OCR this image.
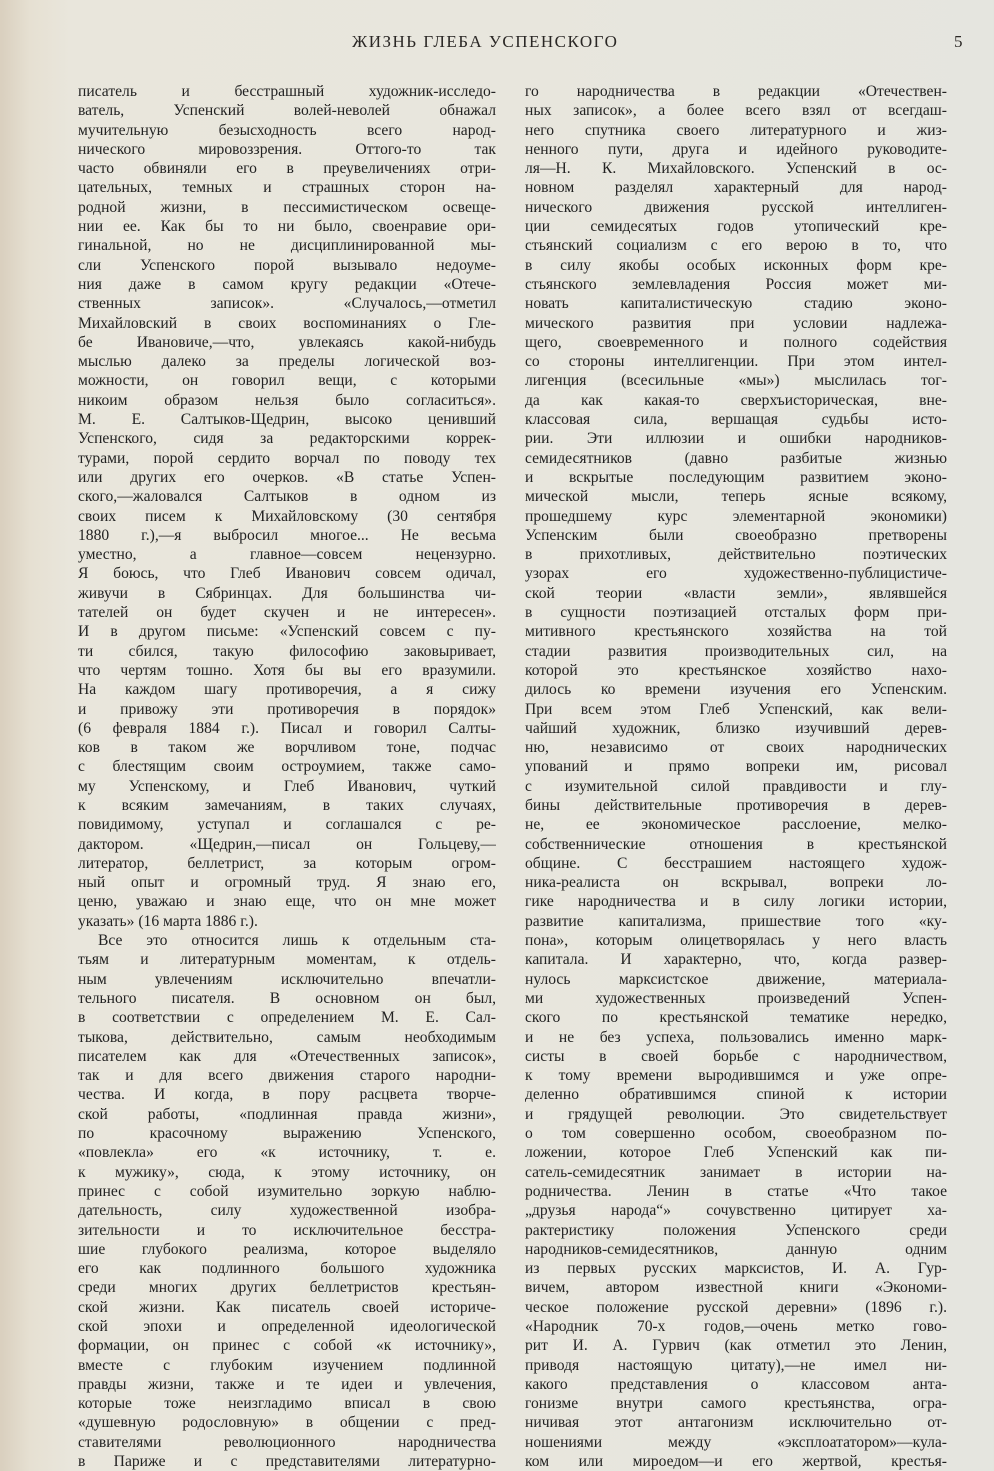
ЖИЗНЬ ГЛЕБА УСПЕНСКОГО	5
писатель и бесстрашный художник-исследо-
ватель, Успенский волей-неволей обнажал
мучительную безысходность всего народ-
нического мировоззрения. Оттого-то так
часто обвиняли его в преувеличениях отри-
цательных, темных и страшных сторон на-
родной жизни, в пессимистическом освеще-
нии ее. Как бы то ни было, своенравие ори-
гинальной, но не дисциплинированной мы-
сли Успенского порой вызывало недоуме-
ния даже в самом кругу редакции «Отече-
ственных записок». «Случалось,—отметил
Михайловский в своих воспоминаниях о Гле-
бе Ивановиче,—что, увлекаясь какой-нибудь
мыслью далеко за пределы логической воз-
можности, он говорил вещи, с которыми
никоим образом нельзя было согласиться».
М. Е. Салтыков-Щедрин, высоко ценивший
Успенского, сидя за редакторскими коррек-
турами, порой сердито ворчал по поводу тех
или других его очерков. «В статье Успен-
ского,—жаловался Салтыков в одном из
своих писем к Михайловскому (30 сентября
1880 г.),—я выбросил многое... Не весьма
уместно, а главное—совсем нецензурно.
Я боюсь, что Глеб Иванович совсем одичал,
живучи в Сябринцах. Для большинства чи-
тателей он будет скучен и не интересен».
И в другом письме: «Успенский совсем с пу-
ти сбился, такую философию заковыривает,
что чертям тошно. Хотя бы вы его вразумили.
На каждом шагу противоречия, а я сижу
и привожу эти противоречия в порядок»
(6 февраля 1884 г.). Писал и говорил Салты-
ков в таком же ворчливом тоне, подчас
с блестящим своим остроумием, также само-
му Успенскому, и Глеб Иванович, чуткий
к всяким замечаниям, в таких случаях,
повидимому, уступал и соглашался с ре-
дактором. «Щедрин,—писал он Гольцеву,—
литератор, беллетрист, за которым огром-
ный опыт и огромный труд. Я знаю его,
ценю, уважаю и знаю еще, что он мне может
указать» (16 марта 1886 г.).
Все это относится лишь к отдельным ста-
тьям и литературным моментам, к отдель-
ным увлечениям исключительно впечатли-
тельного писателя. В основном он был,
в соответствии с определением М. Е. Сал-
тыкова, действительно, самым необходимым
писателем как для «Отечественных записок»,
так и для всего движения старого народни-
чества. И когда, в пору расцвета творче-
ской работы, «подлинная правда жизни»,
по красочному выражению Успенского,
«повлекла» его «к источнику, т. е.
к мужику», сюда, к этому источнику, он
принес с собой изумительно зоркую наблю-
дательность, силу художественной изобра-
зительности и то исключительное бесстра-
шие глубокого реализма, которое выделяло
его как подлинного большого художника
среди многих других беллетристов крестьян-
ской жизни. Как писатель своей историче-
ской эпохи и определенной идеологической
формации, он принес с собой «к источнику»,
вместе с глубоким изучением подлинной
правды жизни, также и те идеи и увлечения,
которые тоже неизгладимо вписал в свою
«душевную родословную» в общении с пред-
ставителями революционного народничества
в Париже и с представителями литературно-
го народничества в редакции «Отечествен-
ных записок», а более всего взял от всегдаш-
него спутника своего литературного и жиз-
ненного пути, друга и идейного руководите-
ля—Н. К. Михайловского. Успенский в ос-
новном разделял характерный для народ-
нического движения русской интеллиген-
ции семидесятых годов утопический кре-
стьянский социализм с его верою в то, что
в силу якобы особых исконных форм кре-
стьянского землевладения Россия может ми-
новать капиталистическую стадию эконо-
мического развития при условии надлежа-
щего, своевременного и полного содействия
со стороны интеллигенции. При этом интел-
лигенция (всесильные «мы») мыслилась тог-
да как какая-то сверхъисторическая, вне-
классовая сила, вершащая судьбы исто-
рии. Эти иллюзии и ошибки народников-
семидесятников (давно разбитые жизнью
и вскрытые последующим развитием эконо-
мической мысли, теперь ясные всякому,
прошедшему курс элементарной экономики)
Успенским были своеобразно претворены
в прихотливых, действительно поэтических
узорах его художественно-публицистиче-
ской теории «власти земли», являвшейся
в сущности поэтизацией отсталых форм при-
митивного крестьянского хозяйства на той
стадии развития производительных сил, на
которой это крестьянское хозяйство нахо-
дилось ко времени изучения его Успенским.
При всем этом Глеб Успенский, как вели-
чайший художник, близко изучивший дерев-
ню, независимо от своих народнических
упований и прямо вопреки им, рисовал
с изумительной силой правдивости и глу-
бины действительные противоречия в дерев-
не, ее экономическое расслоение, мелко-
собственнические отношения в крестьянской
общине. С бесстрашием настоящего худож-
ника-реалиста он вскрывал, вопреки ло-
гике народничества и в силу логики истории,
развитие капитализма, пришествие того «ку-
пона», которым олицетворялась у него власть
капитала. И характерно, что, когда развер-
нулось марксистское движение, материала-
ми художественных произведений Успен-
ского по крестьянской тематике нередко,
и не без успеха, пользовались именно марк-
систы в своей борьбе с народничеством,
к тому времени выродившимся и уже опре-
деленно обратившимся спиной к истории
и грядущей революции. Это свидетельствует
о том совершенно особом, своеобразном по-
ложении, которое Глеб Успенский как пи-
сатель-семидесятник занимает в истории на-
родничества. Ленин в статье «Что такое
„друзья народа“» сочувственно цитирует ха-
рактеристику положения Успенского среди
народников-семидесятников, данную одним
из первых русских марксистов, И. А. Гур-
вичем, автором известной книги «Экономи-
ческое положение русской деревни» (1896 г.).
«Народник 70-х годов,—очень метко гово-
рит И. А. Гурвич (как отметил это Ленин,
приводя настоящую цитату),—не имел ни-
какого представления о классовом анта-
гонизме внутри самого крестьянства, огра-
ничивая этот антагонизм исключительно от-
ношениями между «эксплоататором»—кула-
ком или мироедом—и его жертвой, крестья-
